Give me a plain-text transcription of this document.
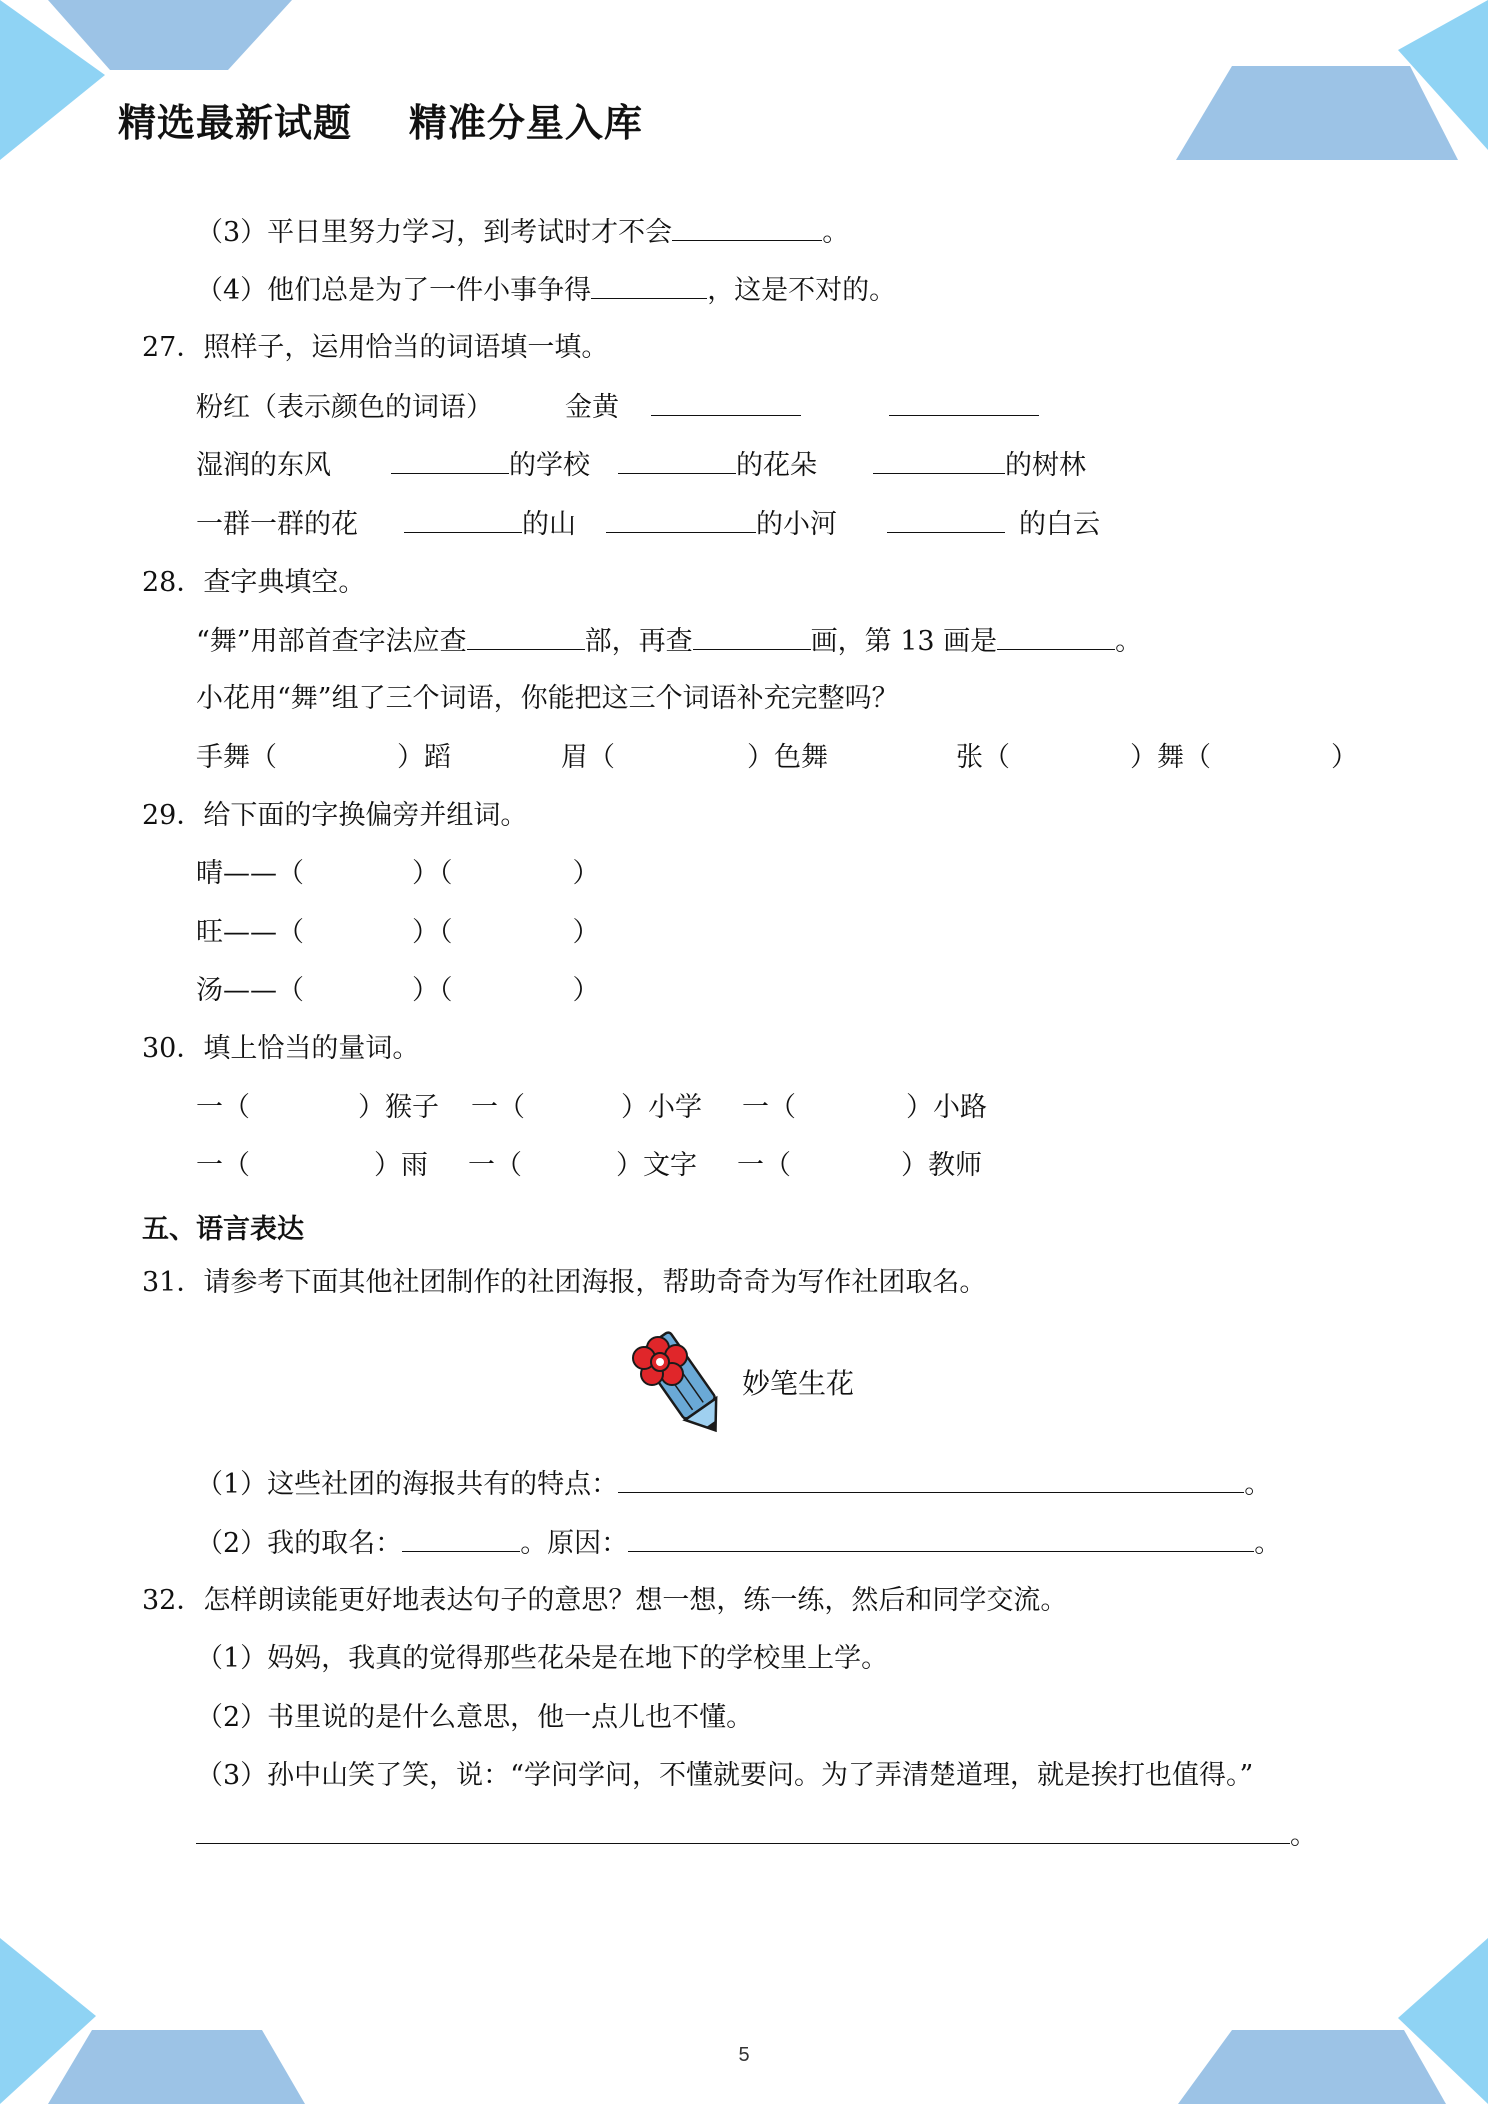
精选最新试题    精准分星入库
（3）平日里努力学习，到考试时才不会	。
（4）他们总是为了一件小事争得	，这是不对的。
27．照样子，运用恰当的词语填一填。
粉红（表示颜色的词语）	金黄
湿润的东风	的学校	的花朵	的树林
一群一群的花	的山	的小河	的白云
28．查字典填空。
“舞”用部首查字法应查	部，再查	画，第 13 画是	。
小花用“舞”组了三个词语，你能把这三个词语补充完整吗？
手舞（	）蹈	眉（	）色舞	张（	）舞（	）
29．给下面的字换偏旁并组词。
晴——（	）（	）
旺——（	）（	）
汤——（	）（	）
30．填上恰当的量词。
一（	）猴子 一（	）小学 一（	）小路
一（	）雨 一（	）文字 一（	）教师
五、语言表达
31．请参考下面其他社团制作的社团海报，帮助奇奇为写作社团取名。
妙笔生花
（1）这些社团的海报共有的特点：	。
（2）我的取名：	。原因：	。
32．怎样朗读能更好地表达句子的意思？想一想，练一练，然后和同学交流。
（1）妈妈，我真的觉得那些花朵是在地下的学校里上学。
（2）书里说的是什么意思，他一点儿也不懂。
（3）孙中山笑了笑，说：“学问学问，不懂就要问。为了弄清楚道理，就是挨打也值得。”
。
5
